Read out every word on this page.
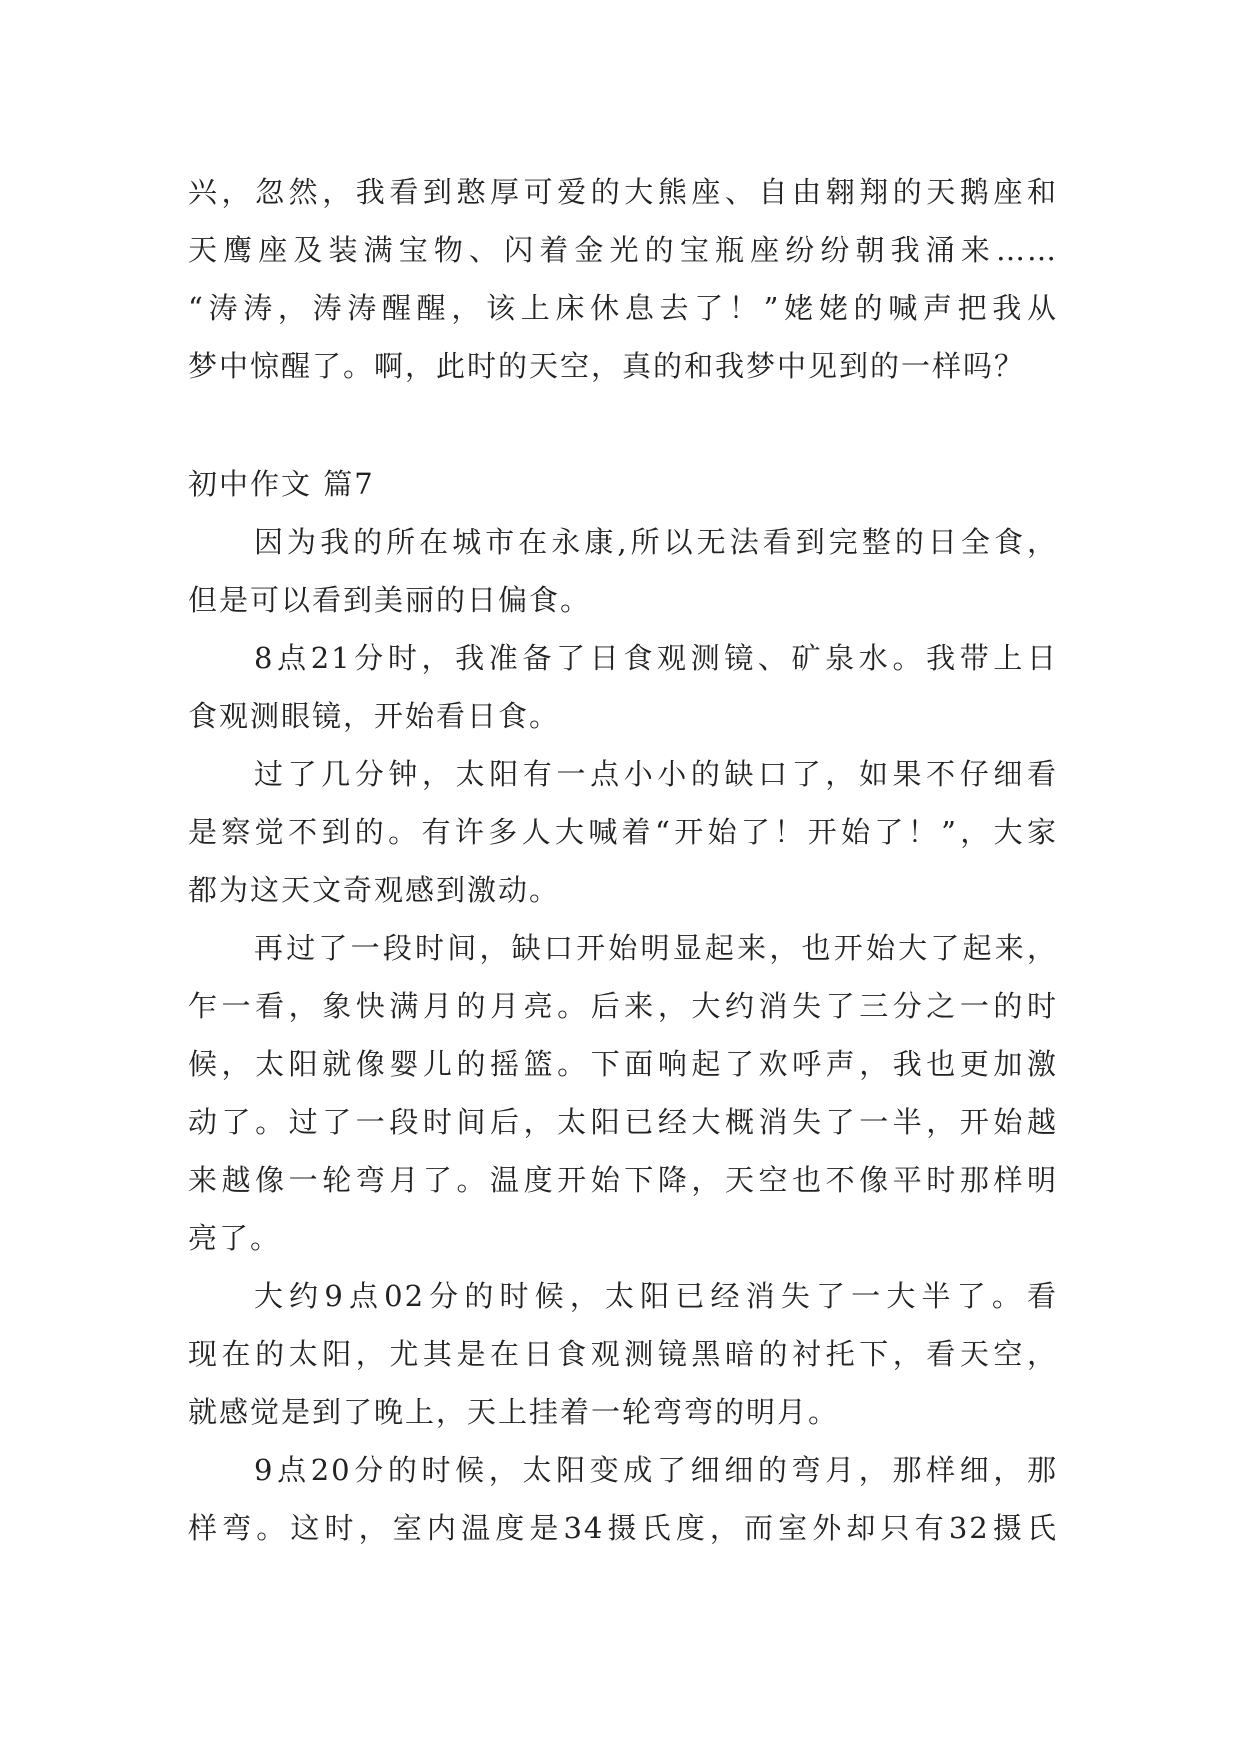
兴，忽然，我看到憨厚可爱的大熊座、自由翱翔的天鹅座和
天鹰座及装满宝物、闪着金光的宝瓶座纷纷朝我涌来……
“涛涛，涛涛醒醒，该上床休息去了！”姥姥的喊声把我从
梦中惊醒了。啊，此时的天空，真的和我梦中见到的一样吗？
初中作文 篇7
因为我的所在城市在永康,所以无法看到完整的日全食，
但是可以看到美丽的日偏食。
8点21分时，我准备了日食观测镜、矿泉水。我带上日
食观测眼镜，开始看日食。
过了几分钟，太阳有一点小小的缺口了，如果不仔细看
是察觉不到的。有许多人大喊着“开始了！开始了！”，大家
都为这天文奇观感到激动。
再过了一段时间，缺口开始明显起来，也开始大了起来，
乍一看，象快满月的月亮。后来，大约消失了三分之一的时
候，太阳就像婴儿的摇篮。下面响起了欢呼声，我也更加激
动了。过了一段时间后，太阳已经大概消失了一半，开始越
来越像一轮弯月了。温度开始下降，天空也不像平时那样明
亮了。
大约9点02分的时候，太阳已经消失了一大半了。看
现在的太阳，尤其是在日食观测镜黑暗的衬托下，看天空，
就感觉是到了晚上，天上挂着一轮弯弯的明月。
9点20分的时候，太阳变成了细细的弯月，那样细，那
样弯。这时，室内温度是34摄氏度，而室外却只有32摄氏
